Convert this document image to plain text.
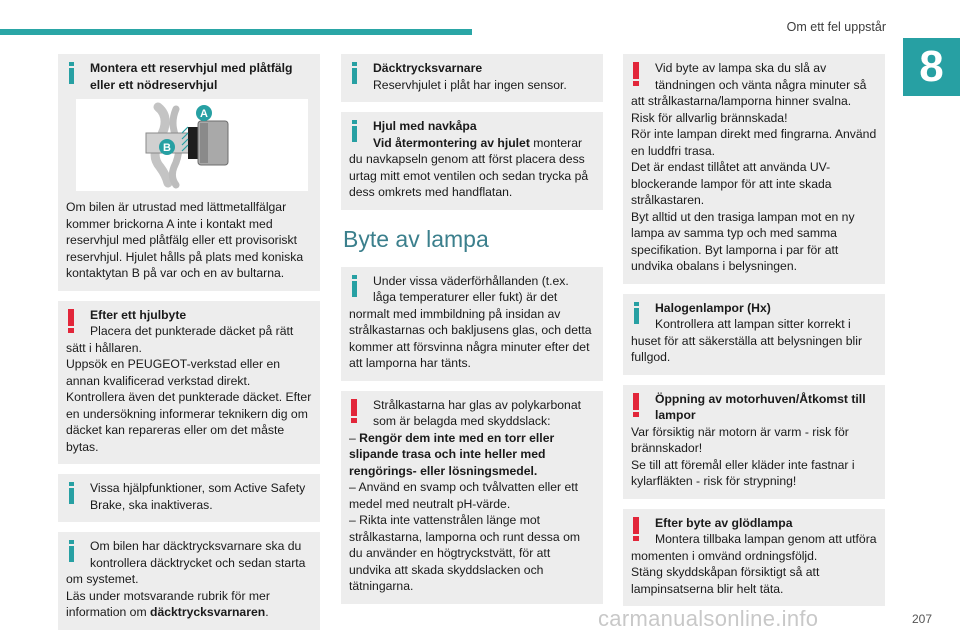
Om ett fel uppstår
8

Montera ett reservhjul med plåtfälg eller ett nödreservhjul

A
B

Om bilen är utrustad med lättmetallfälgar kommer brickorna A inte i kontakt med reservhjul med plåtfälg eller ett provisoriskt reservhjul. Hjulet hålls på plats med koniska kontaktytan B på var och en av bultarna.

Efter ett hjulbyte

Placera det punkterade däcket på rätt sätt i hållaren.

Uppsök en PEUGEOT-verkstad eller en annan kvalificerad verkstad direkt.

Kontrollera även det punkterade däcket. Efter en undersökning informerar teknikern dig om däcket kan repareras eller om det måste bytas.

Vissa hjälpfunktioner, som Active Safety Brake, ska inaktiveras.

Om bilen har däcktrycksvarnare ska du kontrollera däcktrycket och sedan starta om systemet.

Läs under motsvarande rubrik för mer information om däcktrycksvarnaren.

Däcktrycksvarnare

Reservhjulet i plåt har ingen sensor.

Hjul med navkåpa

Vid återmontering av hjulet monterar du navkapseln genom att först placera dess urtag mitt emot ventilen och sedan trycka på dess omkrets med handflatan.

Byte av lampa

Under vissa väderförhållanden (t.ex. låga temperaturer eller fukt) är det normalt med immbildning på insidan av strålkastarnas och bakljusens glas, och detta kommer att försvinna några minuter efter det att lamporna har tänts.

Strålkastarna har glas av polykarbonat som är belagda med skyddslack:

– Rengör dem inte med en torr eller slipande trasa och inte heller med rengörings- eller lösningsmedel.

– Använd en svamp och tvålvatten eller ett medel med neutralt pH-värde.

– Rikta inte vattenstrålen länge mot strålkastarna, lamporna och runt dessa om du använder en högtryckstvätt, för att undvika att skada skyddslacken och tätningarna.

Vid byte av lampa ska du slå av tändningen och vänta några minuter så att strålkastarna/lamporna hinner svalna. Risk för allvarlig brännskada!

Rör inte lampan direkt med fingrarna. Använd en luddfri trasa.

Det är endast tillåtet att använda UV-blockerande lampor för att inte skada strålkastaren.

Byt alltid ut den trasiga lampan mot en ny lampa av samma typ och med samma specifikation. Byt lamporna i par för att undvika obalans i belysningen.

Halogenlampor (Hx)

Kontrollera att lampan sitter korrekt i huset för att säkerställa att belysningen blir fullgod.

Öppning av motorhuven/Åtkomst till lampor

Var försiktig när motorn är varm - risk för brännskador!

Se till att föremål eller kläder inte fastnar i kylarfläkten - risk för strypning!

Efter byte av glödlampa

Montera tillbaka lampan genom att utföra momenten i omvänd ordningsföljd.

Stäng skyddskåpan försiktigt så att lampinsatserna blir helt täta.

carmanualsonline.info	207
